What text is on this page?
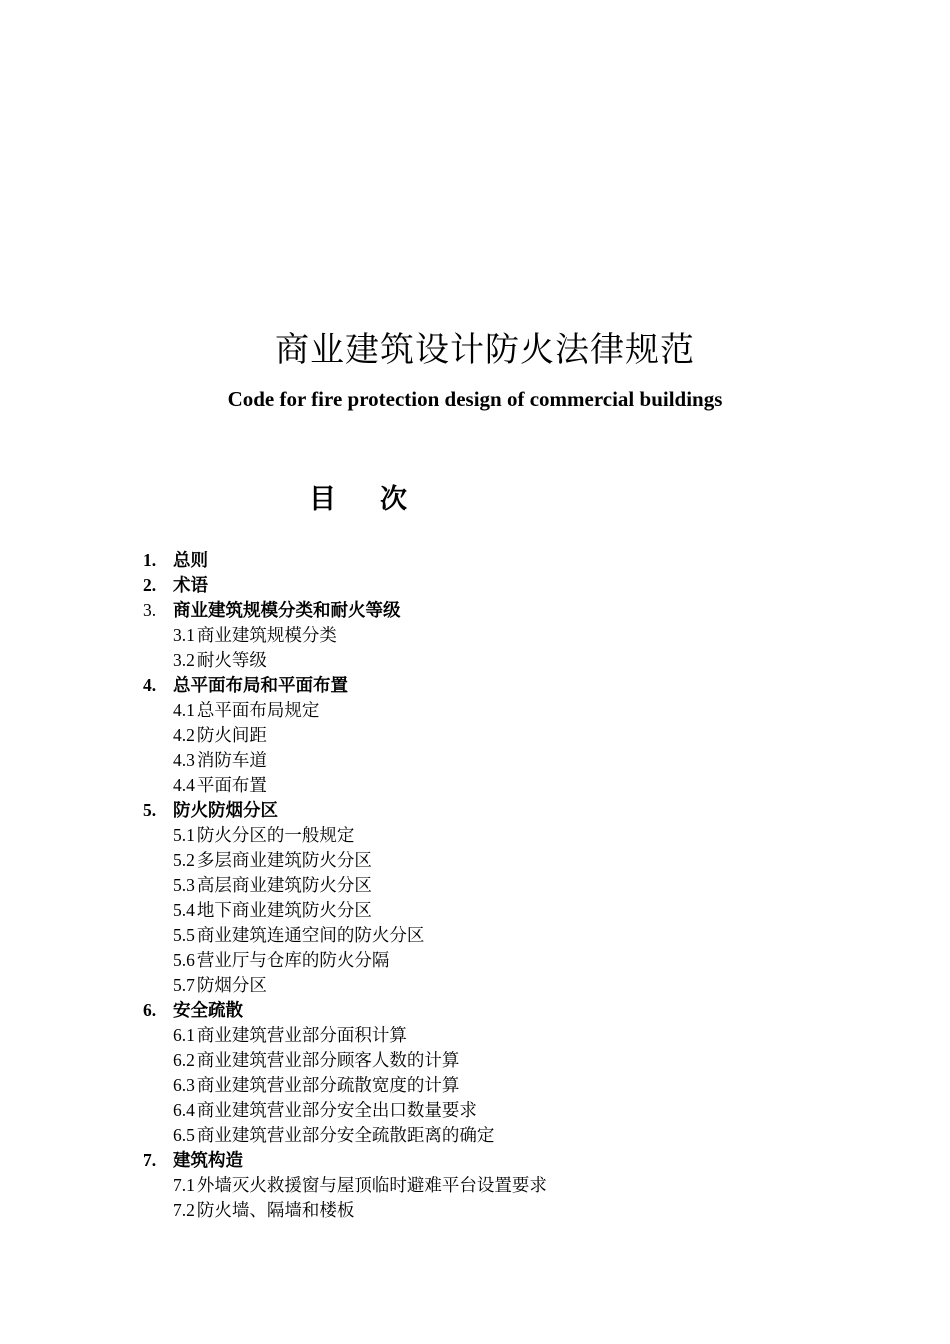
商业建筑设计防火法律规范
Code for fire protection design of commercial buildings
目次
1. 总则
2. 术语
3. 商业建筑规模分类和耐火等级
3.1 商业建筑规模分类
3.2 耐火等级
4. 总平面布局和平面布置
4.1 总平面布局规定
4.2 防火间距
4.3 消防车道
4.4 平面布置
5. 防火防烟分区
5.1 防火分区的一般规定
5.2 多层商业建筑防火分区
5.3 高层商业建筑防火分区
5.4 地下商业建筑防火分区
5.5 商业建筑连通空间的防火分区
5.6 营业厅与仓库的防火分隔
5.7 防烟分区
6. 安全疏散
6.1 商业建筑营业部分面积计算
6.2 商业建筑营业部分顾客人数的计算
6.3 商业建筑营业部分疏散宽度的计算
6.4 商业建筑营业部分安全出口数量要求
6.5 商业建筑营业部分安全疏散距离的确定
7. 建筑构造
7.1 外墙灭火救援窗与屋顶临时避难平台设置要求
7.2 防火墙、隔墙和楼板
